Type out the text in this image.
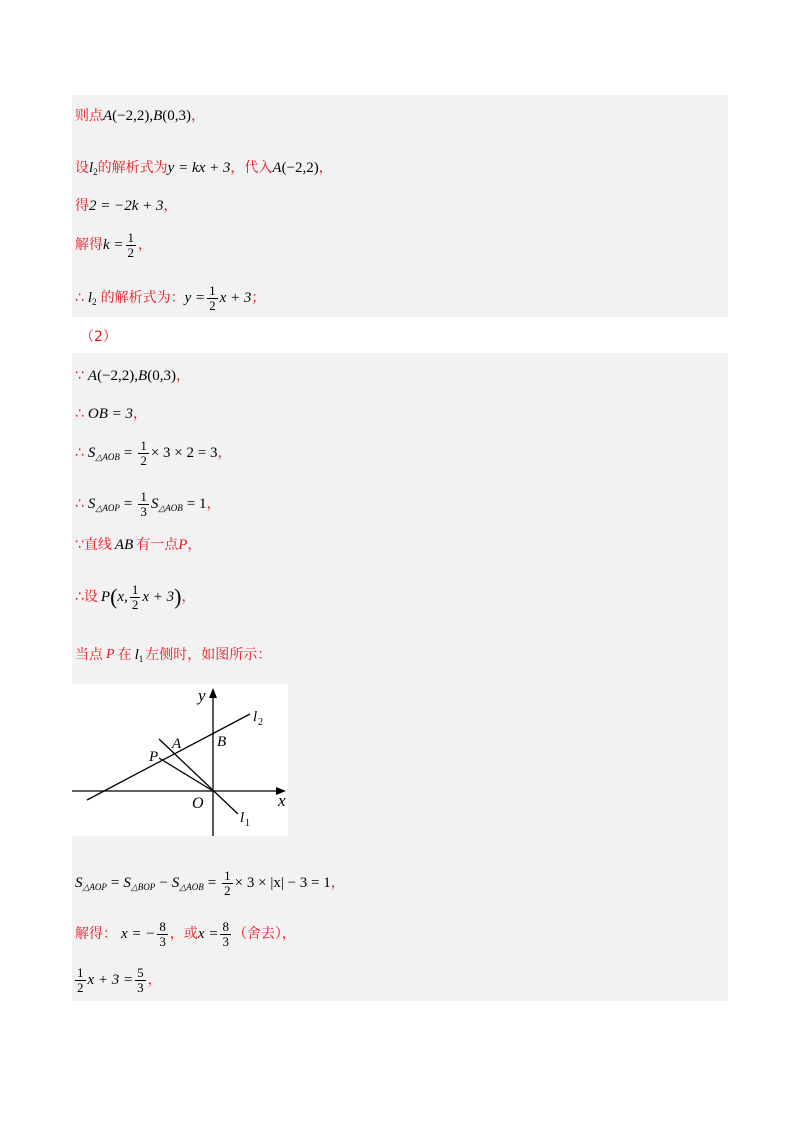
则点 A (−2,2) , B (0,3) ，
设 l 2 的解析式为 y = kx + 3 ，代入 A (−2,2) ，
得 2 = −2k + 3 ，
解得 $k = \frac{1}{2}$ ，
∴ l 2 的解析式为： $y = \frac{1}{2}$ x + 3 ；
（2）
∵ A (−2,2) , B (0,3) ，
∴ OB = 3 ，
∴ S △AOB = $\frac{1}{2} \times 3 \times 2 = 3$ ，
∴ S △AOP = $\frac{1}{3}$ S △AOB = 1 ，
∵直线 AB 有一点 P ，
∴设 P ( x, $\frac{1}{2}$ x + 3 ) ，
当点 P 在 l 1 左侧时，如图所示：
y
x
O
A B
P
l 2
l 1
S △AOP = S △BOP − S △AOB = $\frac{1}{2} \times 3 \times |x| - 3 = 1$ ，
解得： x = − $\frac{8}{3}$ ，或 $x = \frac{8}{3}$ （舍去），
$\frac{1}{2}$ $x + 3 = \frac{5}{3}$ ，
